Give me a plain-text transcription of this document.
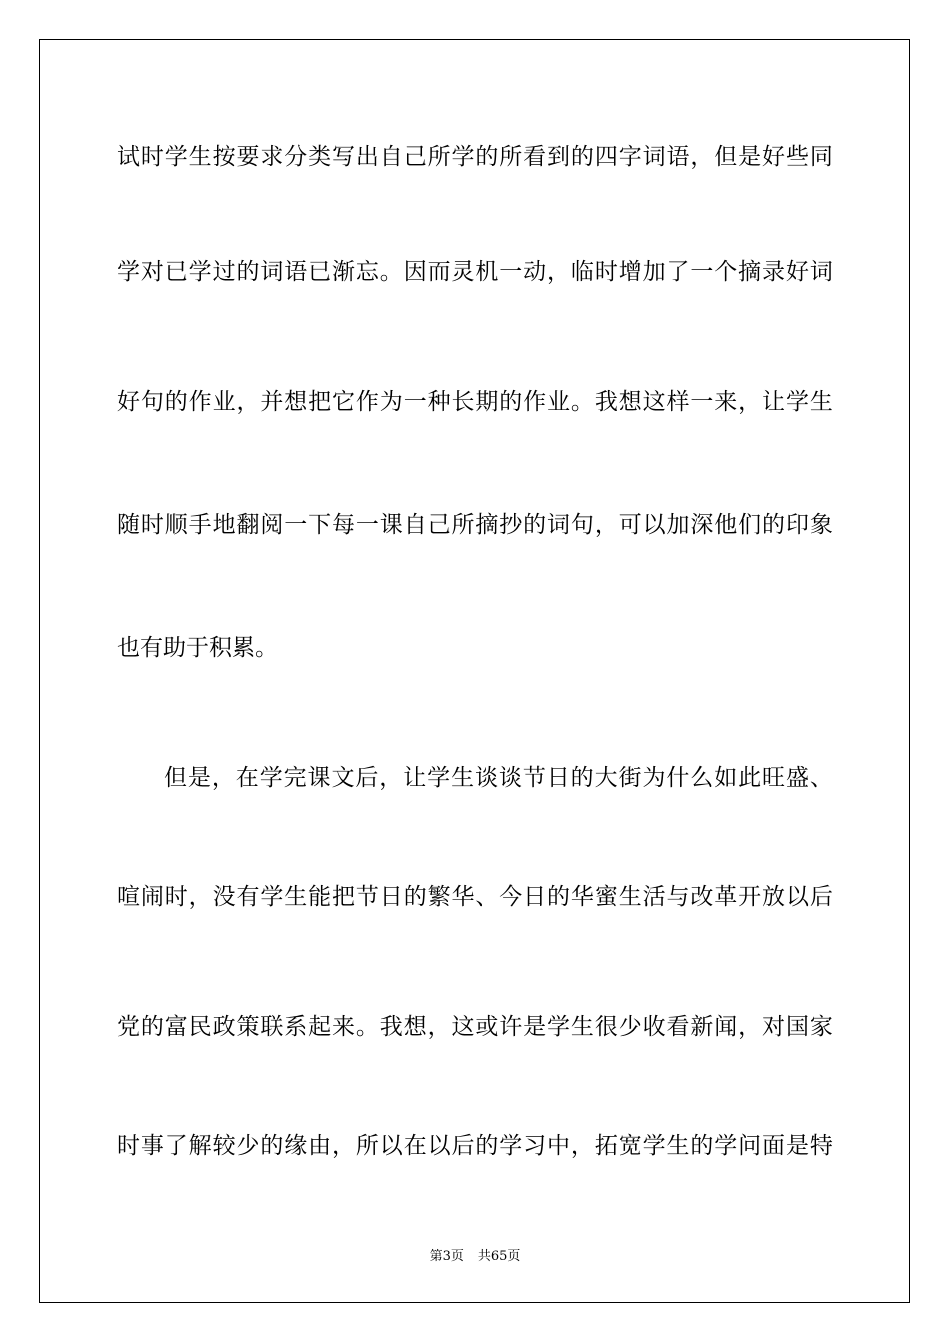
试 时 学 生 按 要 求 分 类 写 出 自 己 所 学 的 所 看 到 的 四 字 词 语 ， 但 是 好 些 同
学 对 已 学 过 的 词 语 已 渐 忘 。 因 而 灵 机 一 动 ， 临 时 增 加 了 一 个 摘 录 好 词
好 句 的 作 业 ， 并 想 把 它 作 为 一 种 长 期 的 作 业 。 我 想 这 样 一 来 ， 让 学 生
随 时 顺 手 地 翻 阅 一 下 每 一 课 自 己 所 摘 抄 的 词 句 ， 可 以 加 深 他 们 的 印 象
也 有 助 于 积 累 。
但 是 ， 在 学 完 课 文 后 ， 让 学 生 谈 谈 节 日 的 大 街 为 什 么 如 此 旺 盛 、
喧 闹 时 ， 没 有 学 生 能 把 节 日 的 繁 华 、 今 日 的 华 蜜 生 活 与 改 革 开 放 以 后
党 的 富 民 政 策 联 系 起 来 。 我 想 ， 这 或 许 是 学 生 很 少 收 看 新 闻 ， 对 国 家
时 事 了 解 较 少 的 缘 由 ， 所 以 在 以 后 的 学 习 中 ， 拓 宽 学 生 的 学 问 面 是 特
第3页 共65页
